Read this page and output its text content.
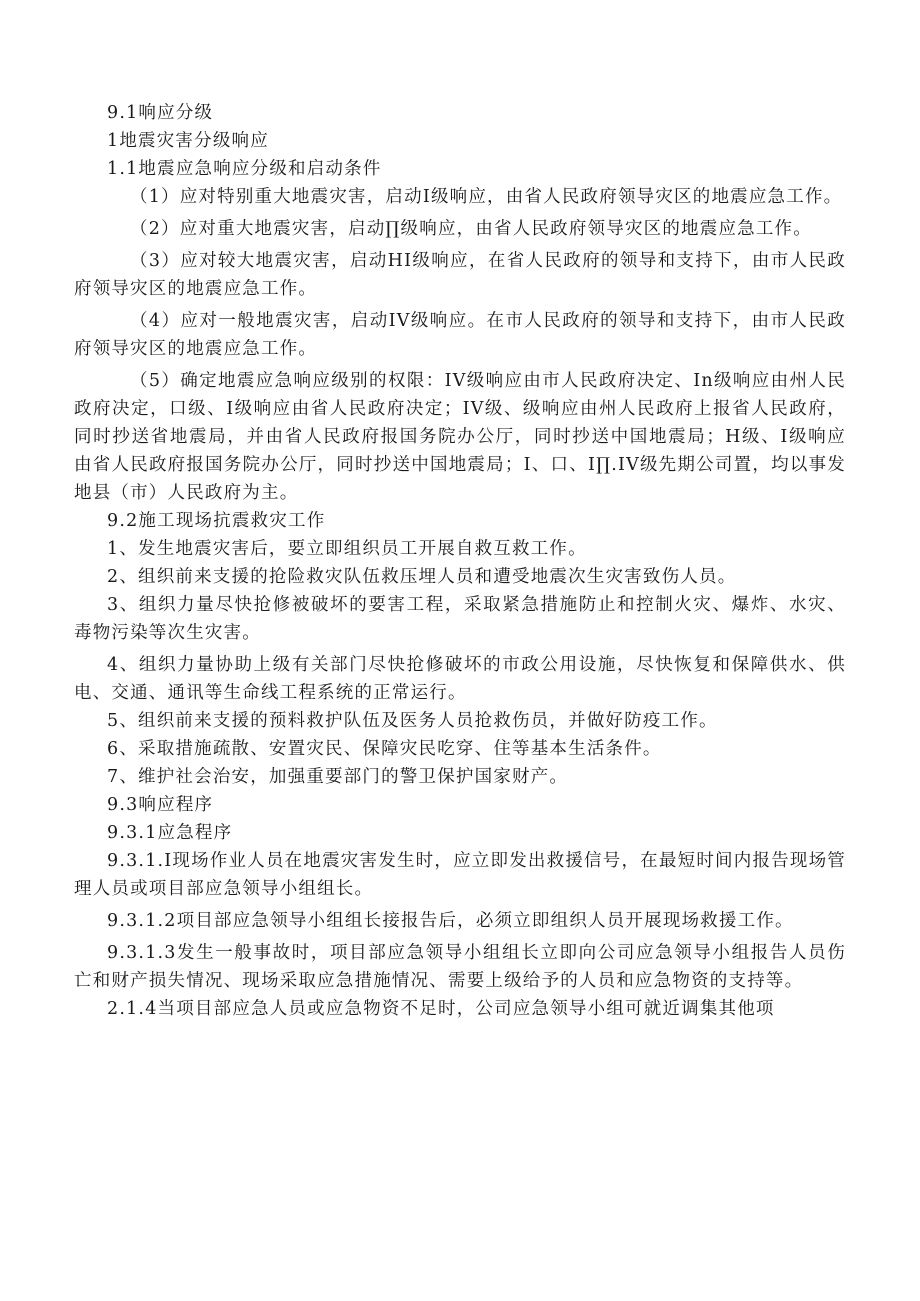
9.1响应分级

1地震灾害分级响应

1.1地震应急响应分级和启动条件

（1）应对特别重大地震灾害，启动I级响应，由省人民政府领导灾区的地震应急工作。

（2）应对重大地震灾害，启动∏级响应，由省人民政府领导灾区的地震应急工作。

（3）应对较大地震灾害，启动HI级响应，在省人民政府的领导和支持下，由市人民政府领导灾区的地震应急工作。

（4）应对一般地震灾害，启动IV级响应。在市人民政府的领导和支持下，由市人民政府领导灾区的地震应急工作。

（5）确定地震应急响应级别的权限：IV级响应由市人民政府决定、In级响应由州人民政府决定，口级、I级响应由省人民政府决定；IV级、级响应由州人民政府上报省人民政府，同时抄送省地震局，并由省人民政府报国务院办公厅，同时抄送中国地震局；H级、I级响应由省人民政府报国务院办公厅，同时抄送中国地震局；I、口、I∏.IV级先期公司置，均以事发地县（市）人民政府为主。

9.2施工现场抗震救灾工作

1、发生地震灾害后，要立即组织员工开展自救互救工作。

2、组织前来支援的抢险救灾队伍救压埋人员和遭受地震次生灾害致伤人员。

3、组织力量尽快抢修被破坏的要害工程，采取紧急措施防止和控制火灾、爆炸、水灾、毒物污染等次生灾害。

4、组织力量协助上级有关部门尽快抢修破坏的市政公用设施，尽快恢复和保障供水、供电、交通、通讯等生命线工程系统的正常运行。

5、组织前来支援的预料救护队伍及医务人员抢救伤员，并做好防疫工作。

6、采取措施疏散、安置灾民、保障灾民吃穿、住等基本生活条件。

7、维护社会治安，加强重要部门的警卫保护国家财产。

9.3响应程序

9.3.1应急程序

9.3.1.I现场作业人员在地震灾害发生时，应立即发出救援信号，在最短时间内报告现场管理人员或项目部应急领导小组组长。

9.3.1.2项目部应急领导小组组长接报告后，必须立即组织人员开展现场救援工作。

9.3.1.3发生一般事故时，项目部应急领导小组组长立即向公司应急领导小组报告人员伤亡和财产损失情况、现场采取应急措施情况、需要上级给予的人员和应急物资的支持等。

2.1.4当项目部应急人员或应急物资不足时，公司应急领导小组可就近调集其他项
